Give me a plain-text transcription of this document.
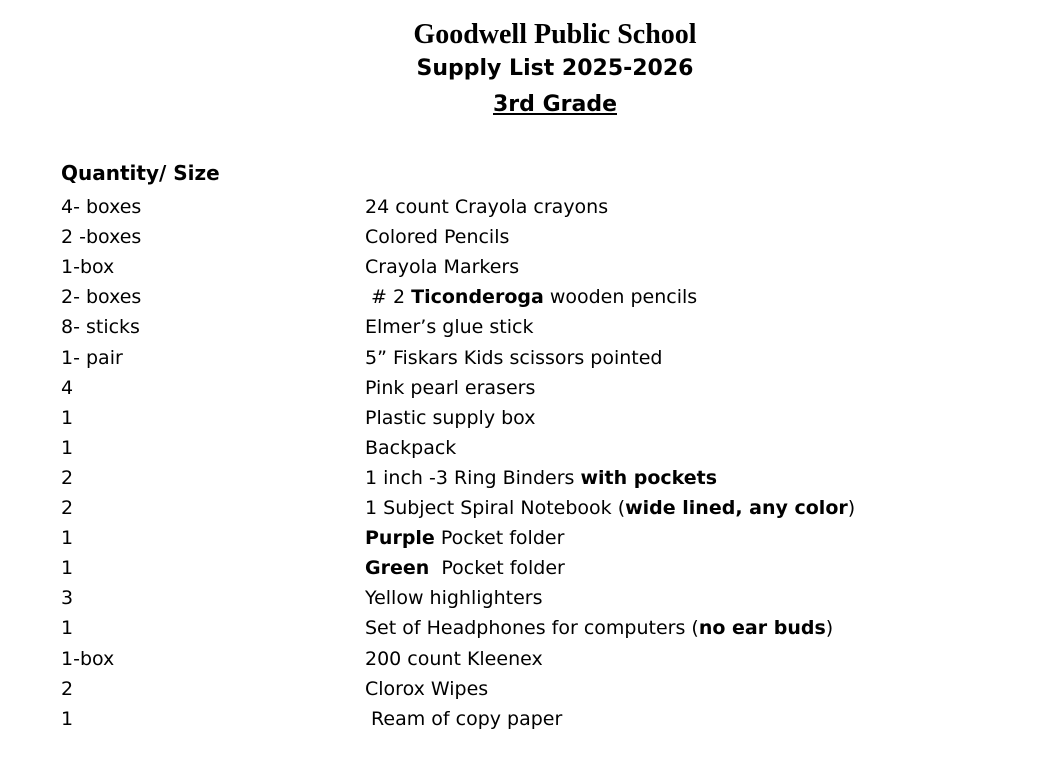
Goodwell Public School
Supply List 2025-2026
3rd Grade
Quantity/ Size
4- boxes	24 count Crayola crayons
2 -boxes	Colored Pencils
1-box	Crayola Markers
2- boxes	# 2 Ticonderoga wooden pencils
8- sticks	Elmer’s glue stick
1- pair	5” Fiskars Kids scissors pointed
4	Pink pearl erasers
1	Plastic supply box
1	Backpack
2	1 inch -3 Ring Binders with pockets
2	1 Subject Spiral Notebook (wide lined, any color)
1	Purple Pocket folder
1	Green  Pocket folder
3	Yellow highlighters
1	Set of Headphones for computers (no ear buds)
1-box	200 count Kleenex
2	Clorox Wipes
1	Ream of copy paper
